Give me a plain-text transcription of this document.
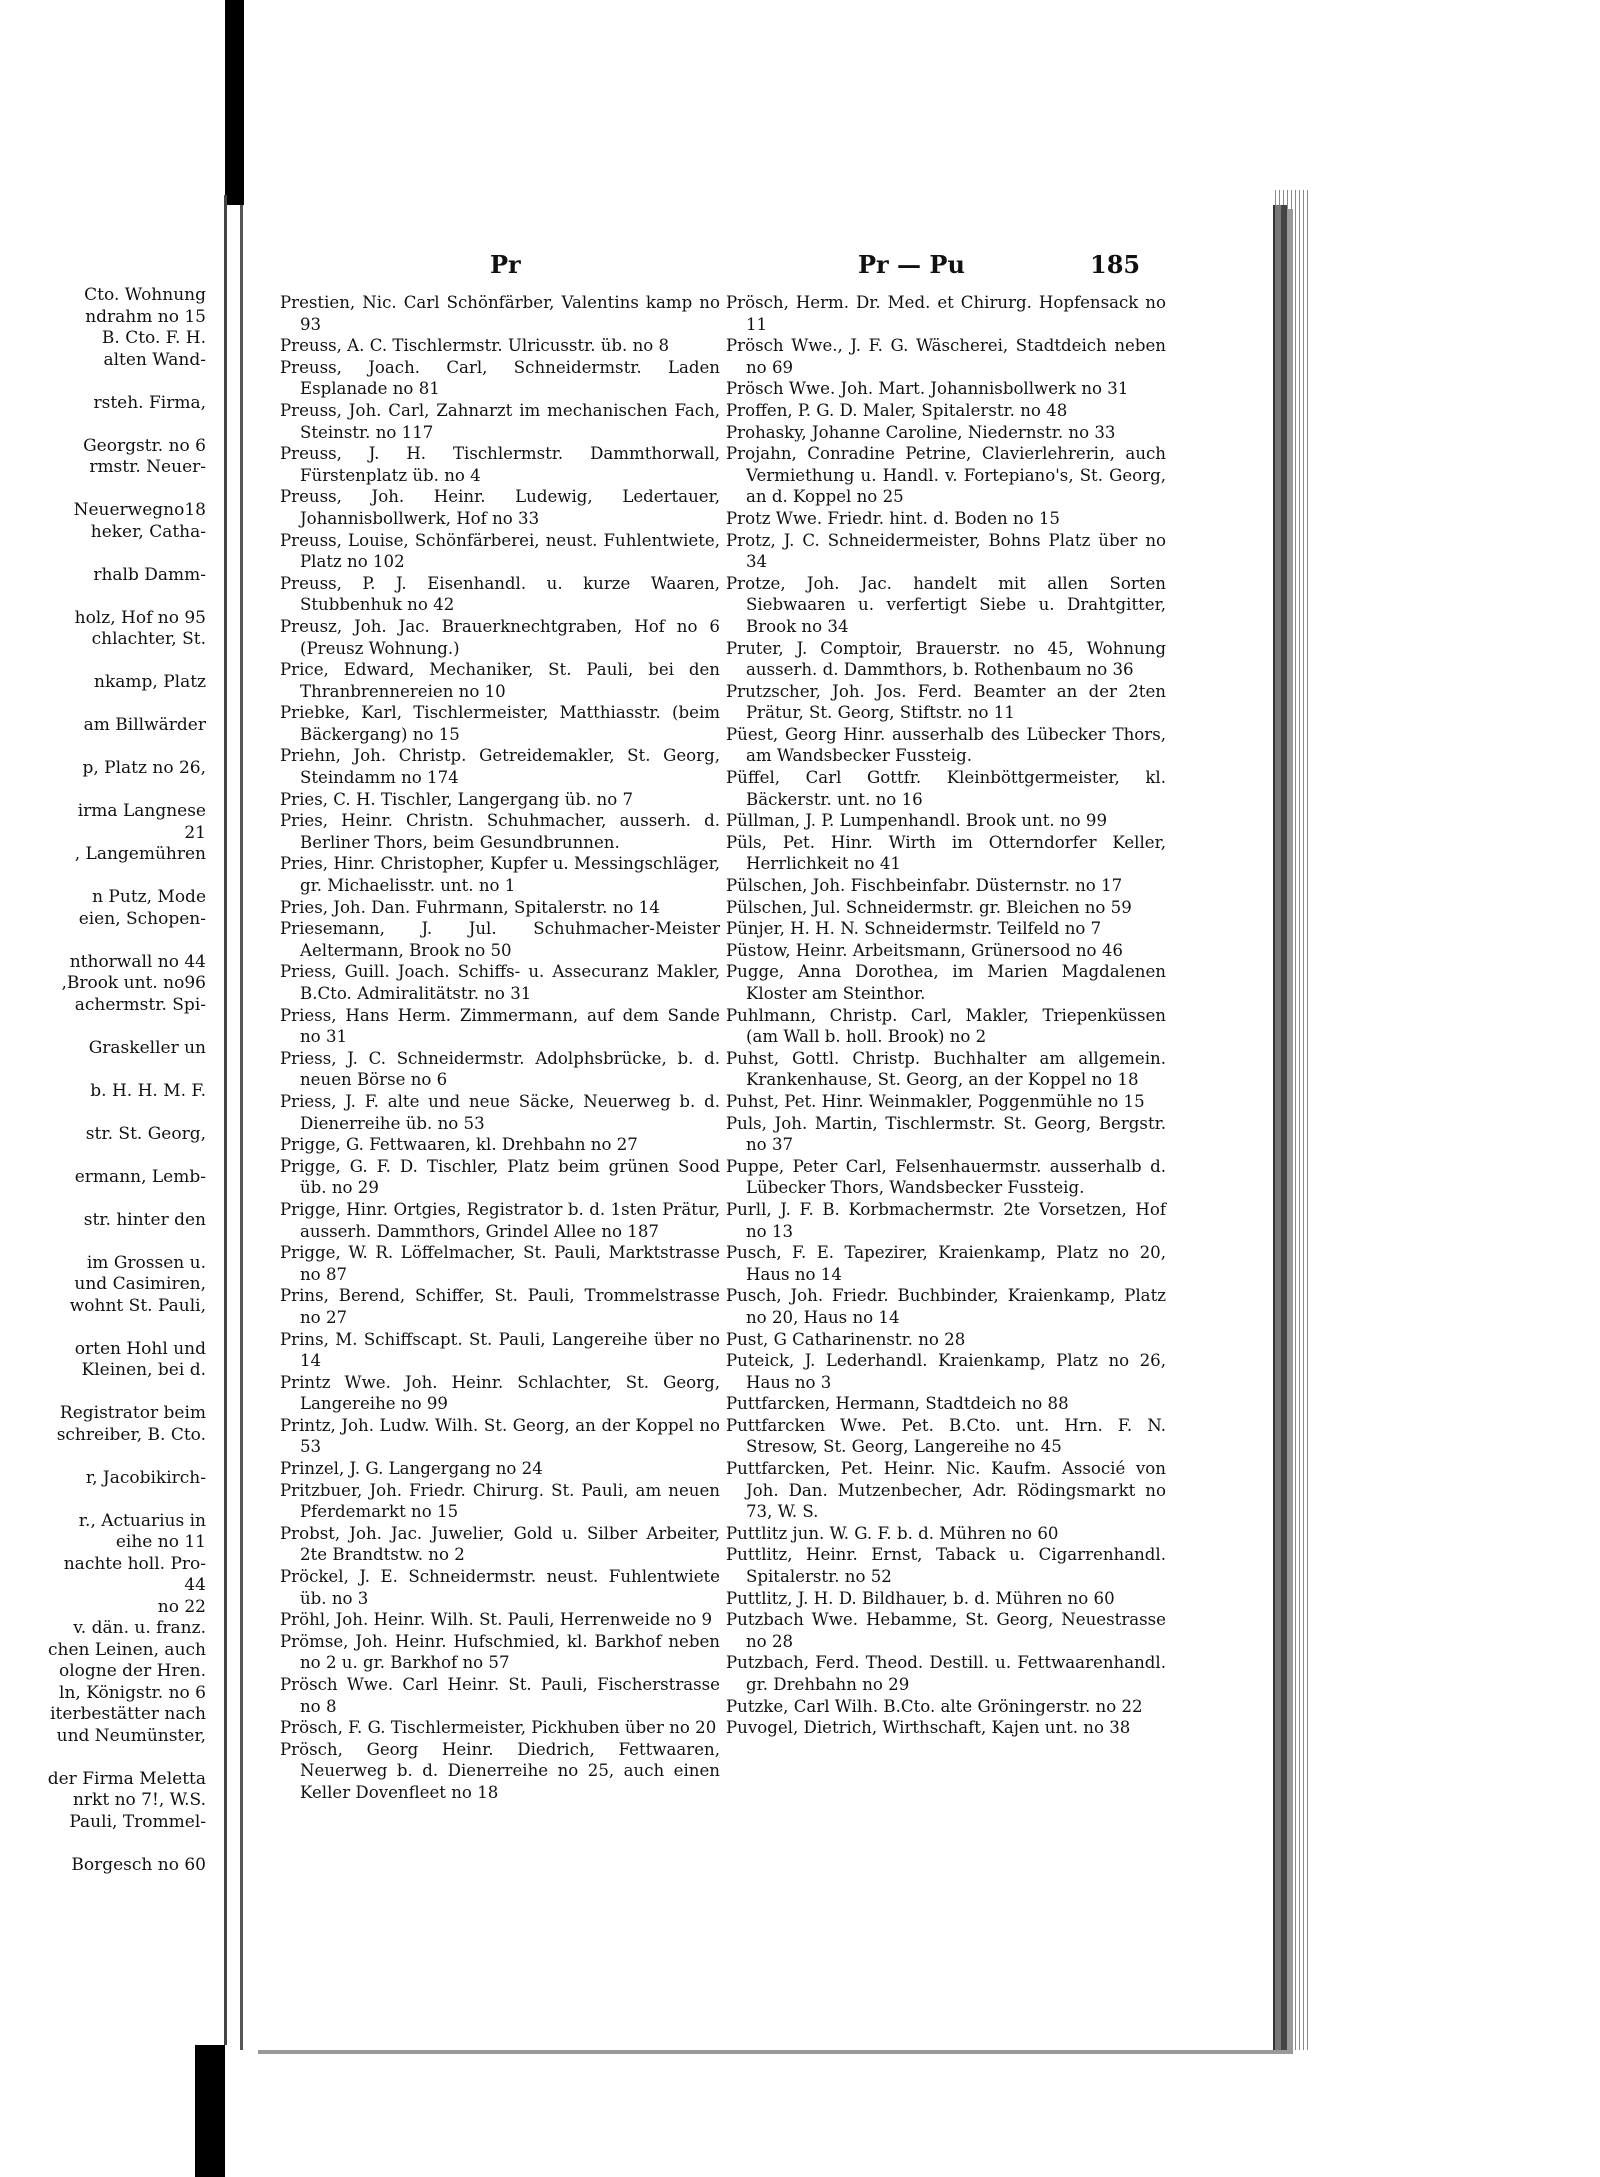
Cto. Wohnung
ndrahm no 15
B. Cto. F. H.
alten Wand-

rsteh. Firma,

Georgstr. no 6
rmstr. Neuer-

Neuerwegno18
heker, Catha-

rhalb Damm-

holz, Hof no 95
chlachter, St.

nkamp, Platz

am Billwärder

p, Platz no 26,

irma Langnese
21
, Langemühren

n Putz, Mode
eien, Schopen-

nthorwall no 44
,Brook unt. no96
achermstr. Spi-

Graskeller un

b. H. H. M. F.

str. St. Georg,

ermann, Lemb-

str. hinter den

im Grossen u.
und Casimiren,
wohnt St. Pauli,

orten Hohl und
Kleinen, bei d.

Registrator beim
schreiber, B. Cto.

r, Jacobikirch-

r., Actuarius in
eihe no 11
nachte holl. Pro-
44
no 22
v. dän. u. franz.
chen Leinen, auch
ologne der Hren.
ln, Königstr. no 6
iterbestätter nach
und Neumünster,

der Firma Meletta
nrkt no 7!, W.S.
Pauli, Trommel-

Borgesch no 60
Pr	Pr — Pu	185

Prestien, Nic. Carl Schönfärber, Valentins kamp no 93

Preuss, A. C. Tischlermstr. Ulricusstr. üb. no 8

Preuss, Joach. Carl, Schneidermstr. Laden Esplanade no 81

Preuss, Joh. Carl, Zahnarzt im mechanischen Fach, Steinstr. no 117

Preuss, J. H. Tischlermstr. Dammthorwall, Fürstenplatz üb. no 4

Preuss, Joh. Heinr. Ludewig, Ledertauer, Johannisbollwerk, Hof no 33

Preuss, Louise, Schönfärberei, neust. Fuhlentwiete, Platz no 102

Preuss, P. J. Eisenhandl. u. kurze Waaren, Stubbenhuk no 42

Preusz, Joh. Jac. Brauerknechtgraben, Hof no 6 (Preusz Wohnung.)

Price, Edward, Mechaniker, St. Pauli, bei den Thranbrennereien no 10

Priebke, Karl, Tischlermeister, Matthiasstr. (beim Bäckergang) no 15

Priehn, Joh. Christp. Getreidemakler, St. Georg, Steindamm no 174

Pries, C. H. Tischler, Langergang üb. no 7

Pries, Heinr. Christn. Schuhmacher, ausserh. d. Berliner Thors, beim Gesundbrunnen.

Pries, Hinr. Christopher, Kupfer u. Messingschläger, gr. Michaelisstr. unt. no 1

Pries, Joh. Dan. Fuhrmann, Spitalerstr. no 14

Priesemann, J. Jul. Schuhmacher-Meister Aeltermann, Brook no 50

Priess, Guill. Joach. Schiffs- u. Assecuranz Makler, B.Cto. Admiralitätstr. no 31

Priess, Hans Herm. Zimmermann, auf dem Sande no 31

Priess, J. C. Schneidermstr. Adolphsbrücke, b. d. neuen Börse no 6

Priess, J. F. alte und neue Säcke, Neuerweg b. d. Dienerreihe üb. no 53

Prigge, G. Fettwaaren, kl. Drehbahn no 27

Prigge, G. F. D. Tischler, Platz beim grünen Sood üb. no 29

Prigge, Hinr. Ortgies, Registrator b. d. 1sten Prätur, ausserh. Dammthors, Grindel Allee no 187

Prigge, W. R. Löffelmacher, St. Pauli, Marktstrasse no 87

Prins, Berend, Schiffer, St. Pauli, Trommelstrasse no 27

Prins, M. Schiffscapt. St. Pauli, Langereihe über no 14

Printz Wwe. Joh. Heinr. Schlachter, St. Georg, Langereihe no 99

Printz, Joh. Ludw. Wilh. St. Georg, an der Koppel no 53

Prinzel, J. G. Langergang no 24

Pritzbuer, Joh. Friedr. Chirurg. St. Pauli, am neuen Pferdemarkt no 15

Probst, Joh. Jac. Juwelier, Gold u. Silber Arbeiter, 2te Brandtstw. no 2

Pröckel, J. E. Schneidermstr. neust. Fuhlentwiete üb. no 3

Pröhl, Joh. Heinr. Wilh. St. Pauli, Herrenweide no 9

Prömse, Joh. Heinr. Hufschmied, kl. Barkhof neben no 2 u. gr. Barkhof no 57

Prösch Wwe. Carl Heinr. St. Pauli, Fischerstrasse no 8

Prösch, F. G. Tischlermeister, Pickhuben über no 20

Prösch, Georg Heinr. Diedrich, Fettwaaren, Neuerweg b. d. Dienerreihe no 25, auch einen Keller Dovenfleet no 18

Prösch, Herm. Dr. Med. et Chirurg. Hopfensack no 11

Prösch Wwe., J. F. G. Wäscherei, Stadtdeich neben no 69

Prösch Wwe. Joh. Mart. Johannisbollwerk no 31

Proffen, P. G. D. Maler, Spitalerstr. no 48

Prohasky, Johanne Caroline, Niedernstr. no 33

Projahn, Conradine Petrine, Clavierlehrerin, auch Vermiethung u. Handl. v. Fortepiano's, St. Georg, an d. Koppel no 25

Protz Wwe. Friedr. hint. d. Boden no 15

Protz, J. C. Schneidermeister, Bohns Platz über no 34

Protze, Joh. Jac. handelt mit allen Sorten Siebwaaren u. verfertigt Siebe u. Drahtgitter, Brook no 34

Pruter, J. Comptoir, Brauerstr. no 45, Wohnung ausserh. d. Dammthors, b. Rothenbaum no 36

Prutzscher, Joh. Jos. Ferd. Beamter an der 2ten Prätur, St. Georg, Stiftstr. no 11

Püest, Georg Hinr. ausserhalb des Lübecker Thors, am Wandsbecker Fussteig.

Püffel, Carl Gottfr. Kleinböttgermeister, kl. Bäckerstr. unt. no 16

Püllman, J. P. Lumpenhandl. Brook unt. no 99

Püls, Pet. Hinr. Wirth im Otterndorfer Keller, Herrlichkeit no 41

Pülschen, Joh. Fischbeinfabr. Düsternstr. no 17

Pülschen, Jul. Schneidermstr. gr. Bleichen no 59

Pünjer, H. H. N. Schneidermstr. Teilfeld no 7

Püstow, Heinr. Arbeitsmann, Grünersood no 46

Pugge, Anna Dorothea, im Marien Magdalenen Kloster am Steinthor.

Puhlmann, Christp. Carl, Makler, Triepenküssen (am Wall b. holl. Brook) no 2

Puhst, Gottl. Christp. Buchhalter am allgemein. Krankenhause, St. Georg, an der Koppel no 18

Puhst, Pet. Hinr. Weinmakler, Poggenmühle no 15

Puls, Joh. Martin, Tischlermstr. St. Georg, Bergstr. no 37

Puppe, Peter Carl, Felsenhauermstr. ausserhalb d. Lübecker Thors, Wandsbecker Fussteig.

Purll, J. F. B. Korbmachermstr. 2te Vorsetzen, Hof no 13

Pusch, F. E. Tapezirer, Kraienkamp, Platz no 20, Haus no 14

Pusch, Joh. Friedr. Buchbinder, Kraienkamp, Platz no 20, Haus no 14

Pust, G Catharinenstr. no 28

Puteick, J. Lederhandl. Kraienkamp, Platz no 26, Haus no 3

Puttfarcken, Hermann, Stadtdeich no 88

Puttfarcken Wwe. Pet. B.Cto. unt. Hrn. F. N. Stresow, St. Georg, Langereihe no 45

Puttfarcken, Pet. Heinr. Nic. Kaufm. Associé von Joh. Dan. Mutzenbecher, Adr. Rödingsmarkt no 73, W. S.

Puttlitz jun. W. G. F. b. d. Mühren no 60

Puttlitz, Heinr. Ernst, Taback u. Cigarrenhandl. Spitalerstr. no 52

Puttlitz, J. H. D. Bildhauer, b. d. Mühren no 60

Putzbach Wwe. Hebamme, St. Georg, Neuestrasse no 28

Putzbach, Ferd. Theod. Destill. u. Fettwaarenhandl. gr. Drehbahn no 29

Putzke, Carl Wilh. B.Cto. alte Gröningerstr. no 22

Puvogel, Dietrich, Wirthschaft, Kajen unt. no 38
